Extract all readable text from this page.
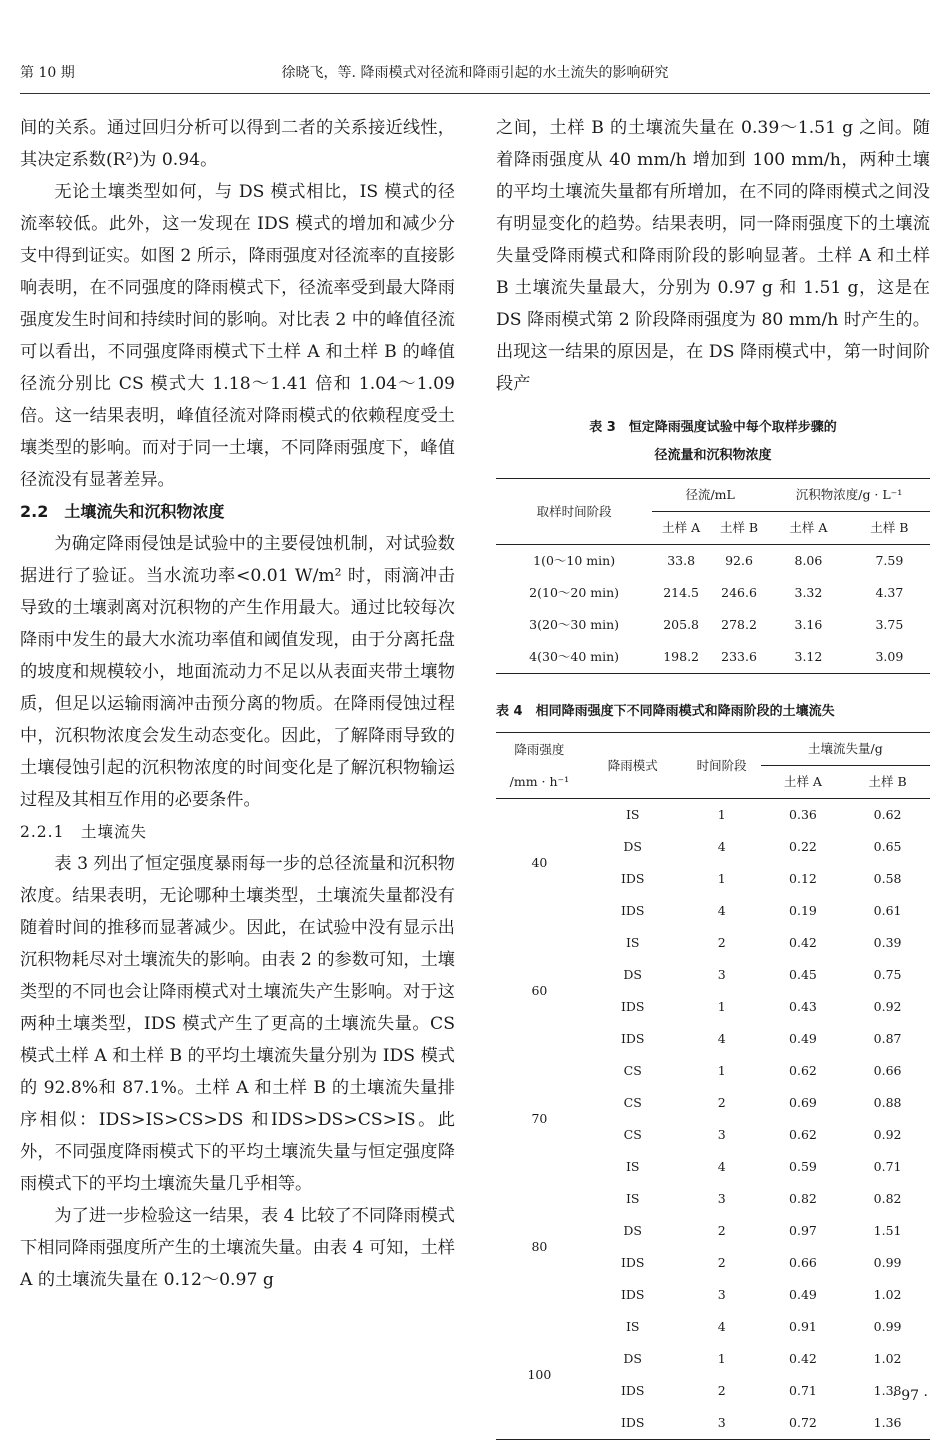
第 10 期	徐晓飞，等. 降雨模式对径流和降雨引起的水土流失的影响研究

间的关系。通过回归分析可以得到二者的关系接近线性，其决定系数(R²)为 0.94。

无论土壤类型如何，与 DS 模式相比，IS 模式的径流率较低。此外，这一发现在 IDS 模式的增加和减少分支中得到证实。如图 2 所示，降雨强度对径流率的直接影响表明，在不同强度的降雨模式下，径流率受到最大降雨强度发生时间和持续时间的影响。对比表 2 中的峰值径流可以看出，不同强度降雨模式下土样 A 和土样 B 的峰值径流分别比 CS 模式大 1.18～1.41 倍和 1.04～1.09 倍。这一结果表明，峰值径流对降雨模式的依赖程度受土壤类型的影响。而对于同一土壤，不同降雨强度下，峰值径流没有显著差异。

2.2　土壤流失和沉积物浓度

为确定降雨侵蚀是试验中的主要侵蚀机制，对试验数据进行了验证。当水流功率<0.01 W/m² 时，雨滴冲击导致的土壤剥离对沉积物的产生作用最大。通过比较每次降雨中发生的最大水流功率值和阈值发现，由于分离托盘的坡度和规模较小，地面流动力不足以从表面夹带土壤物质，但足以运输雨滴冲击预分离的物质。在降雨侵蚀过程中，沉积物浓度会发生动态变化。因此，了解降雨导致的土壤侵蚀引起的沉积物浓度的时间变化是了解沉积物输运过程及其相互作用的必要条件。

2.2.1　土壤流失

表 3 列出了恒定强度暴雨每一步的总径流量和沉积物浓度。结果表明，无论哪种土壤类型，土壤流失量都没有随着时间的推移而显著减少。因此，在试验中没有显示出沉积物耗尽对土壤流失的影响。由表 2 的参数可知，土壤类型的不同也会让降雨模式对土壤流失产生影响。对于这两种土壤类型，IDS 模式产生了更高的土壤流失量。CS 模式土样 A 和土样 B 的平均土壤流失量分别为 IDS 模式的 92.8%和 87.1%。土样 A 和土样 B 的土壤流失量排序相似：IDS>IS>CS>DS 和IDS>DS>CS>IS。此外，不同强度降雨模式下的平均土壤流失量与恒定强度降雨模式下的平均土壤流失量几乎相等。

为了进一步检验这一结果，表 4 比较了不同降雨模式下相同降雨强度所产生的土壤流失量。由表 4 可知，土样 A 的土壤流失量在 0.12～0.97 g

之间，土样 B 的土壤流失量在 0.39～1.51 g 之间。随着降雨强度从 40 mm/h 增加到 100 mm/h，两种土壤的平均土壤流失量都有所增加，在不同的降雨模式之间没有明显变化的趋势。结果表明，同一降雨强度下的土壤流失量受降雨模式和降雨阶段的影响显著。土样 A 和土样 B 土壤流失量最大，分别为 0.97 g 和 1.51 g，这是在 DS 降雨模式第 2 阶段降雨强度为 80 mm/h 时产生的。出现这一结果的原因是，在 DS 降雨模式中，第一时间阶段产

表 3　恒定降雨强度试验中每个取样步骤的
径流量和沉积物浓度
取样时间阶段	径流/mL		沉积物浓度/g · L⁻¹	
	土样 A	土样 B	土样 A	土样 B
1(0～10 min)	33.8	92.6	8.06	7.59
2(10～20 min)	214.5	246.6	3.32	4.37
3(20～30 min)	205.8	278.2	3.16	3.75
4(30～40 min)	198.2	233.6	3.12	3.09
表 4　相同降雨强度下不同降雨模式和降雨阶段的土壤流失
降雨强度
/mm · h⁻¹	降雨模式	时间阶段	土壤流失量/g	
			土样 A	土样 B
40	IS	1	0.36	0.62
	DS	4	0.22	0.65
	IDS	1	0.12	0.58
	IDS	4	0.19	0.61
60	IS	2	0.42	0.39
	DS	3	0.45	0.75
	IDS	1	0.43	0.92
	IDS	4	0.49	0.87
70	CS	1	0.62	0.66
	CS	2	0.69	0.88
	CS	3	0.62	0.92
	IS	4	0.59	0.71
80	IS	3	0.82	0.82
	DS	2	0.97	1.51
	IDS	2	0.66	0.99
	IDS	3	0.49	1.02
100	IS	4	0.91	0.99
	DS	1	0.42	1.02
	IDS	2	0.71	1.38
	IDS	3	0.72	1.36
· 97 ·
